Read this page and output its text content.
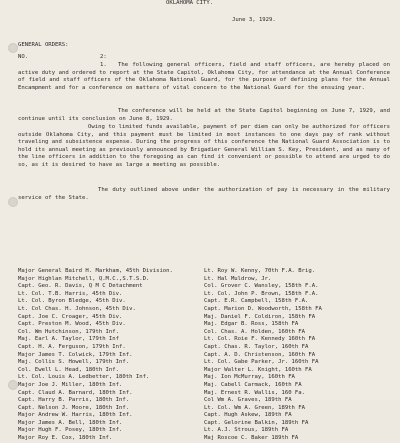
OKLAHOMA CITY.
June 3, 1929.
GENERAL ORDERS:
NO.	2:
1.	The following general officers, field and staff officers, are hereby placed on active duty and ordered to report at the State Capitol, Oklahoma City, for attendance at the Annual Conference of field and staff officers of the Oklahoma National Guard, for the purpose of defining plans for the Annual Encampment and for a conference on matters of vital concern to the National Guard for the ensuing year.
The conference will be held at the State Capitol beginning on June 7, 1929, and continue until its conclusion on June 8, 1929.
Owing to limited funds available, payment of per diem can only be authorized for officers outside Oklahoma City, and this payment must be limited in most instances to one days pay of rank without traveling and subsistence expense. During the progress of this conference the National Guard Association is to hold its annual meeting as previously announced by Brigadier General William S. Key, President, and as many of the line officers in addition to the foregoing as can find it convenient or possible to attend are urged to do so, as it is desired to have as large a meeting as possible.
The duty outlined above under the authorization of pay is necessary in the military service of the State.
Major General Baird H. Markham, 45th Division.	Lt. Roy W. Kenny, 70th F.A. Brig.
Major Highlan Mitchell, Q.M.C.,S.T.S.D.	Lt. Hal Muldrow, Jr.
Capt. Geo. R. Davis, Q M C Detachment	Col. Grover C. Wansley, 158th F.A.
Lt. Col. T.B. Harris, 45th Div.	Lt. Col. John P. Brown, 158th F.A.
Lt. Col. Byron Bledge, 45th Div.	Capt. E.R. Campbell, 158th F.A.
Lt. Col Chas. H. Johnson, 45th Div.	Capt. Marion D. Woodworth, 158th FA
Capt. Joe C. Croager, 45th Div.	Maj. Daniel F. Coldiron, 158th FA
Capt. Preston M. Wood, 45th Div.	Maj. Edgar B. Ross, 158th FA
Col. Wm Hutchinson, 179th Inf.	Col. Chas. A. Holden, 160th FA
Maj. Earl A. Taylor, 179th Inf	Lt. Col. Roie F. Kennedy 160th FA
Capt. H. A. Ferguson, 179th Inf.	Capt. Chas. R. Taylor, 160th FA
Major James T. Colwick, 179th Inf.	Capt. A. D. Christenson, 160th FA
Maj. Collis S. Howell, 179th Inf.	Lt. Col. Gabe Parker, Jr. 160th FA
Col. Ewell L. Head, 180th Inf.	Major Walter L. Knight, 160th FA
Lt. Col. Louis A. Ledbetter, 180th Inf.	Maj. Ion McMurray, 160th FA
Major Joe J. Miller, 180th Inf.	Maj. Cabell Carmack, 160th FA
Capt. Claud A. Barnard, 180th Inf.	Maj. Ernest R. Wallis, 160 Fa.
Capt. Harry B. Parris, 180th Inf.	Col Wm A. Graves, 189th FA
Capt. Nelson J. Moore, 180th Inf.	Lt. Col. Wm A. Green, 189th FA
Major Andrew W. Harris, 180th Inf.	Capt. Hugh Askew, 189th FA
Major James A. Bell, 180th Inf.	Capt. Gelorine Balkin, 189th FA
Major Hugh F. Posey, 180th Inf.	Lt. A.J. Strous, 189th FA
Major Roy E. Cox, 180th Inf.	Maj Roscoe C. Baker 189th FA
